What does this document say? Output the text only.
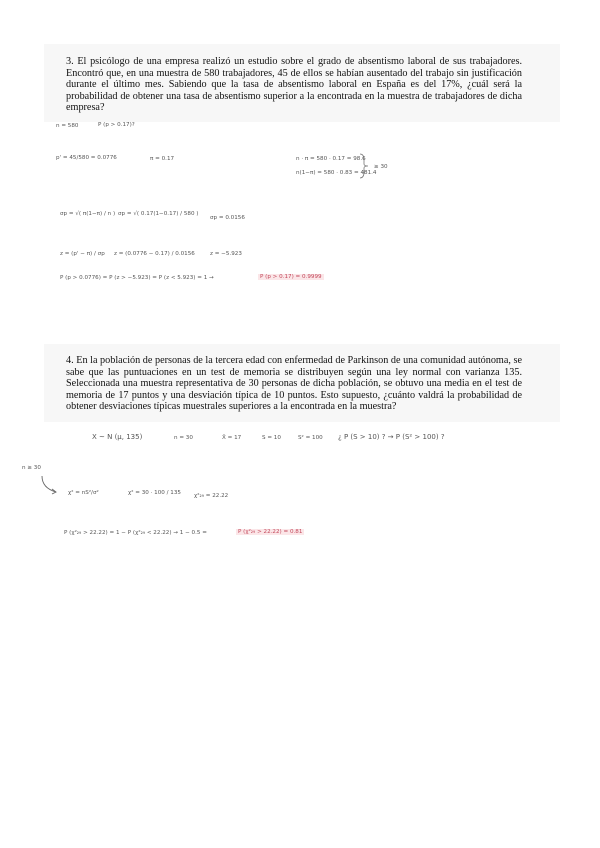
3. El psicólogo de una empresa realizó un estudio sobre el grado de absentismo laboral de sus trabajadores. Encontró que, en una muestra de 580 trabajadores, 45 de ellos se habían ausentado del trabajo sin justificación durante el último mes. Sabiendo que la tasa de absentismo laboral en España es del 17%, ¿cuál será la probabilidad de obtener una tasa de absentismo superior a la encontrada en la muestra de trabajadores de dicha empresa?
n = 580	P (p > 0.17)?
p' = 45/580 = 0.0776	π = 0.17	n · π = 580 · 0.17 = 98.6
n(1−π) = 580 · 0.83 = 481.4
≥ 30
σp = √( π(1−π) / n ) σp = √( 0.17(1−0.17) / 580 )
σp = 0.0156
z = (p' − π) / σp z = (0.0776 − 0.17) / 0.0156	z = −5.923
P (p > 0.0776) = P (z > −5.923) = P (z < 5.923) = 1 →	P (p > 0.17) = 0.9999
4. En la población de personas de la tercera edad con enfermedad de Parkinson de una comunidad autónoma, se sabe que las puntuaciones en un test de memoria se distribuyen según una ley normal con varianza 135. Seleccionada una muestra representativa de 30 personas de dicha población, se obtuvo una media en el test de memoria de 17 puntos y una desviación típica de 10 puntos. Esto supuesto, ¿cuánto valdrá la probabilidad de obtener desviaciones típicas muestrales superiores a la encontrada en la muestra?
X ~ N (μ, 135)	n = 30	X̄ = 17	S = 10	S² = 100 ¿ P (S > 10) ? → P (S² > 100) ?
n ≥ 30
χ² = nS²/σ²	χ² = 30 · 100 / 135 χ²₂₉ = 22.22
P (χ²₂₉ > 22.22) = 1 − P (χ²₂₉ < 22.22) → 1 − 0.5 =	P (χ²₂₉ > 22.22) = 0.81
